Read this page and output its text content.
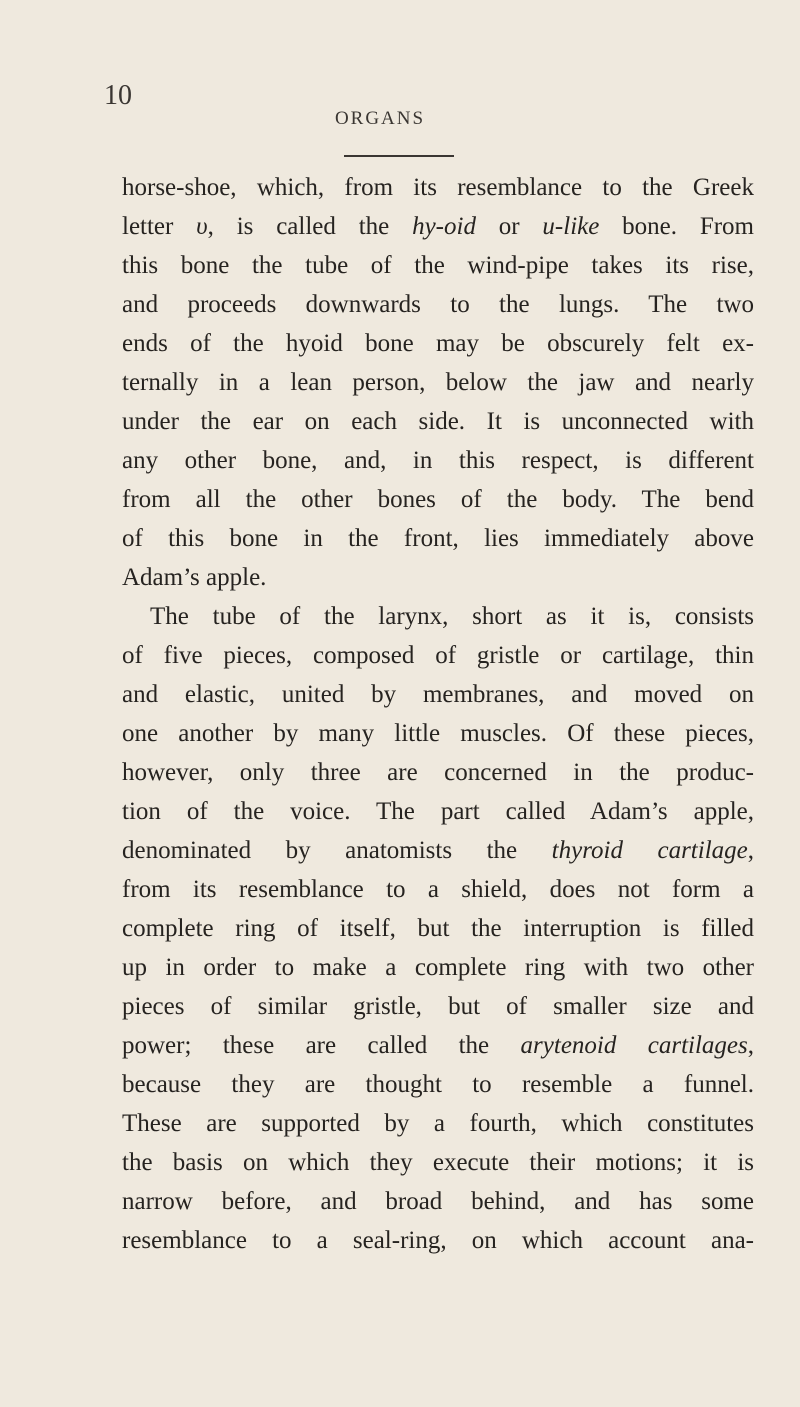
10
ORGANS
horse-shoe, which, from its resemblance to the Greek
letter υ, is called the hy-oid or u-like bone. From
this bone the tube of the wind-pipe takes its rise,
and proceeds downwards to the lungs. The two
ends of the hyoid bone may be obscurely felt ex-
ternally in a lean person, below the jaw and nearly
under the ear on each side. It is unconnected with
any other bone, and, in this respect, is different
from all the other bones of the body. The bend
of this bone in the front, lies immediately above
Adam’s apple.
The tube of the larynx, short as it is, consists
of five pieces, composed of gristle or cartilage, thin
and elastic, united by membranes, and moved on
one another by many little muscles. Of these pieces,
however, only three are concerned in the produc-
tion of the voice. The part called Adam’s apple,
denominated by anatomists the thyroid cartilage,
from its resemblance to a shield, does not form a
complete ring of itself, but the interruption is filled
up in order to make a complete ring with two other
pieces of similar gristle, but of smaller size and
power; these are called the arytenoid cartilages,
because they are thought to resemble a funnel.
These are supported by a fourth, which constitutes
the basis on which they execute their motions; it is
narrow before, and broad behind, and has some
resemblance to a seal-ring, on which account ana-
